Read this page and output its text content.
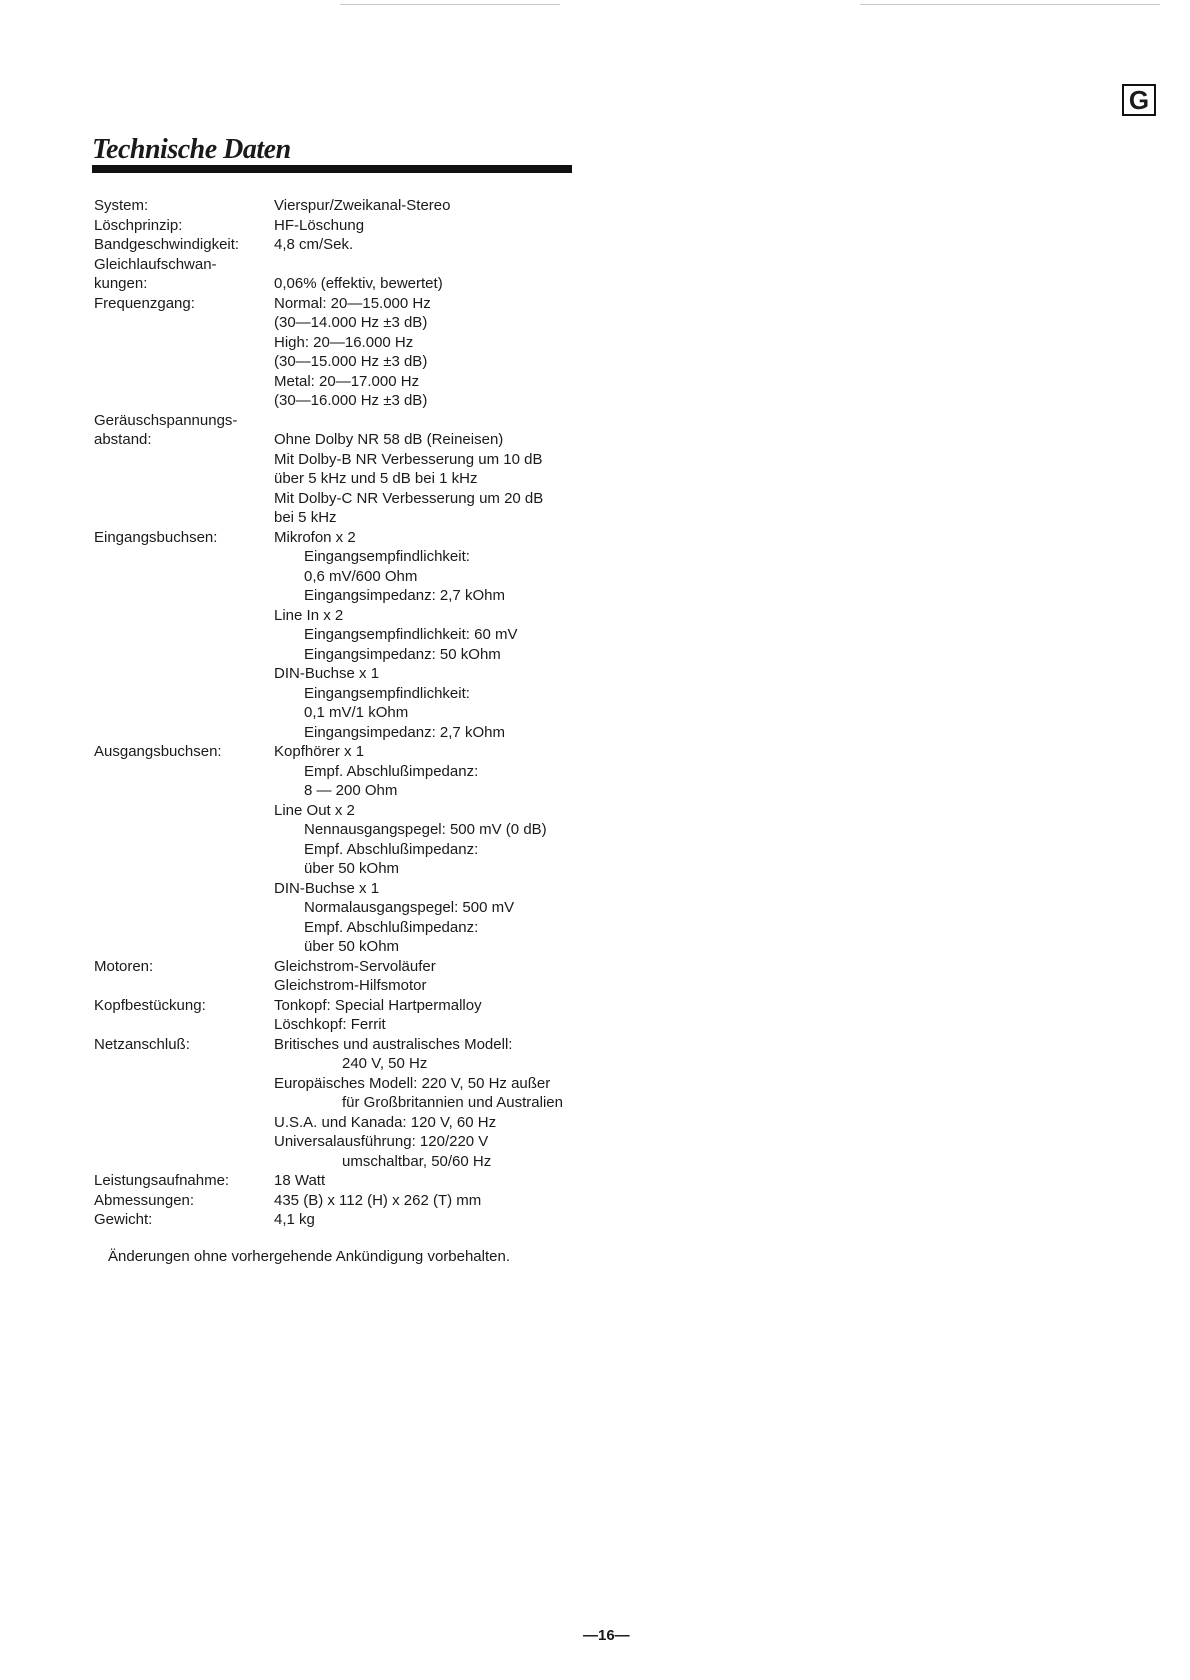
G
Technische Daten
System:	Vierspur/Zweikanal-Stereo
Löschprinzip:	HF-Löschung
Bandgeschwindigkeit:	4,8 cm/Sek.
Gleichlaufschwan-
kungen:
	0,06% (effektiv, bewertet)
Frequenzgang:	Normal: 20—15.000 Hz
(30—14.000 Hz ±3 dB)
High: 20—16.000 Hz
(30—15.000 Hz ±3 dB)
Metal: 20—17.000 Hz
(30—16.000 Hz ±3 dB)
Geräuschspannungs-
abstand:
	Ohne Dolby NR 58 dB (Reineisen)
Mit Dolby-B NR Verbesserung um 10 dB
über 5 kHz und 5 dB bei 1 kHz
Mit Dolby-C NR Verbesserung um 20 dB
bei 5 kHz
Eingangsbuchsen:	Mikrofon x 2
Eingangsempfindlichkeit:
0,6 mV/600 Ohm
Eingangsimpedanz: 2,7 kOhm
Line In x 2
Eingangsempfindlichkeit: 60 mV
Eingangsimpedanz: 50 kOhm
DIN-Buchse x 1
Eingangsempfindlichkeit:
0,1 mV/1 kOhm
Eingangsimpedanz: 2,7 kOhm
Ausgangsbuchsen:	Kopfhörer x 1
Empf. Abschlußimpedanz:
8 — 200 Ohm
Line Out x 2
Nennausgangspegel: 500 mV (0 dB)
Empf. Abschlußimpedanz:
über 50 kOhm
DIN-Buchse x 1
Normalausgangspegel: 500 mV
Empf. Abschlußimpedanz:
über 50 kOhm
Motoren:	Gleichstrom-Servoläufer
Gleichstrom-Hilfsmotor
Kopfbestückung:	Tonkopf: Special Hartpermalloy
Löschkopf: Ferrit
Netzanschluß:	Britisches und australisches Modell:
240 V, 50 Hz
Europäisches Modell: 220 V, 50 Hz außer
für Großbritannien und Australien
U.S.A. und Kanada: 120 V, 60 Hz
Universalausführung: 120/220 V
umschaltbar, 50/60 Hz
Leistungsaufnahme:	18 Watt
Abmessungen:	435 (B) x 112 (H) x 262 (T) mm
Gewicht:	4,1 kg
Änderungen ohne vorhergehende Ankündigung vorbehalten.
—16—
